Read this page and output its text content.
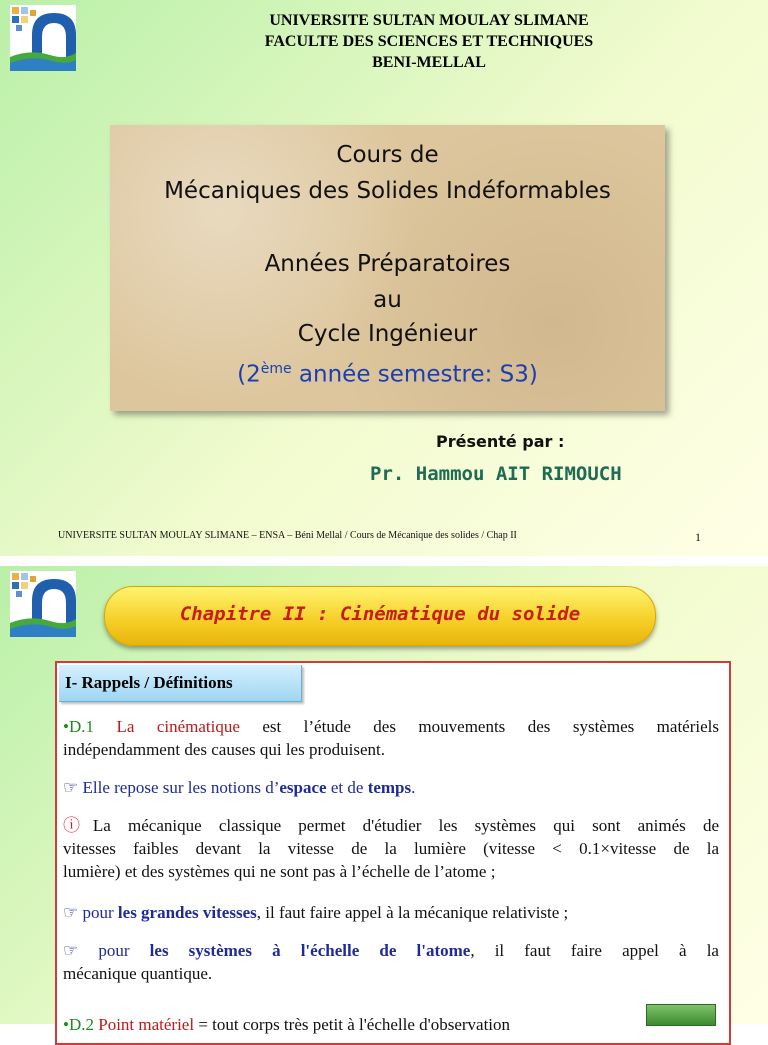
UNIVERSITE SULTAN MOULAY SLIMANE
FACULTE DES SCIENCES ET TECHNIQUES
BENI-MELLAL
Cours de
Mécaniques des Solides Indéformables
Années Préparatoires
au
Cycle Ingénieur
(2ème année semestre: S3)
Présenté par :
Pr. Hammou AIT RIMOUCH
UNIVERSITE SULTAN MOULAY SLIMANE – ENSA – Béni Mellal / Cours de Mécanique des solides / Chap II	1
Chapitre II : Cinématique du solide
I- Rappels / Définitions
•D.1 La cinématique est l’étude des mouvements des systèmes matériels
indépendamment des causes qui les produisent.
☞ Elle repose sur les notions d’espace et de temps.
ⓘLa mécanique classique permet d'étudier les systèmes qui sont animés de
vitesses faibles devant la vitesse de la lumière (vitesse < 0.1×vitesse de la
lumière) et des systèmes qui ne sont pas à l’échelle de l’atome ;
☞ pour les grandes vitesses, il faut faire appel à la mécanique relativiste ;
☞ pour les systèmes à l'échelle de l'atome, il faut faire appel à la
mécanique quantique.
•D.2 Point matériel = tout corps très petit à l'échelle d'observation
